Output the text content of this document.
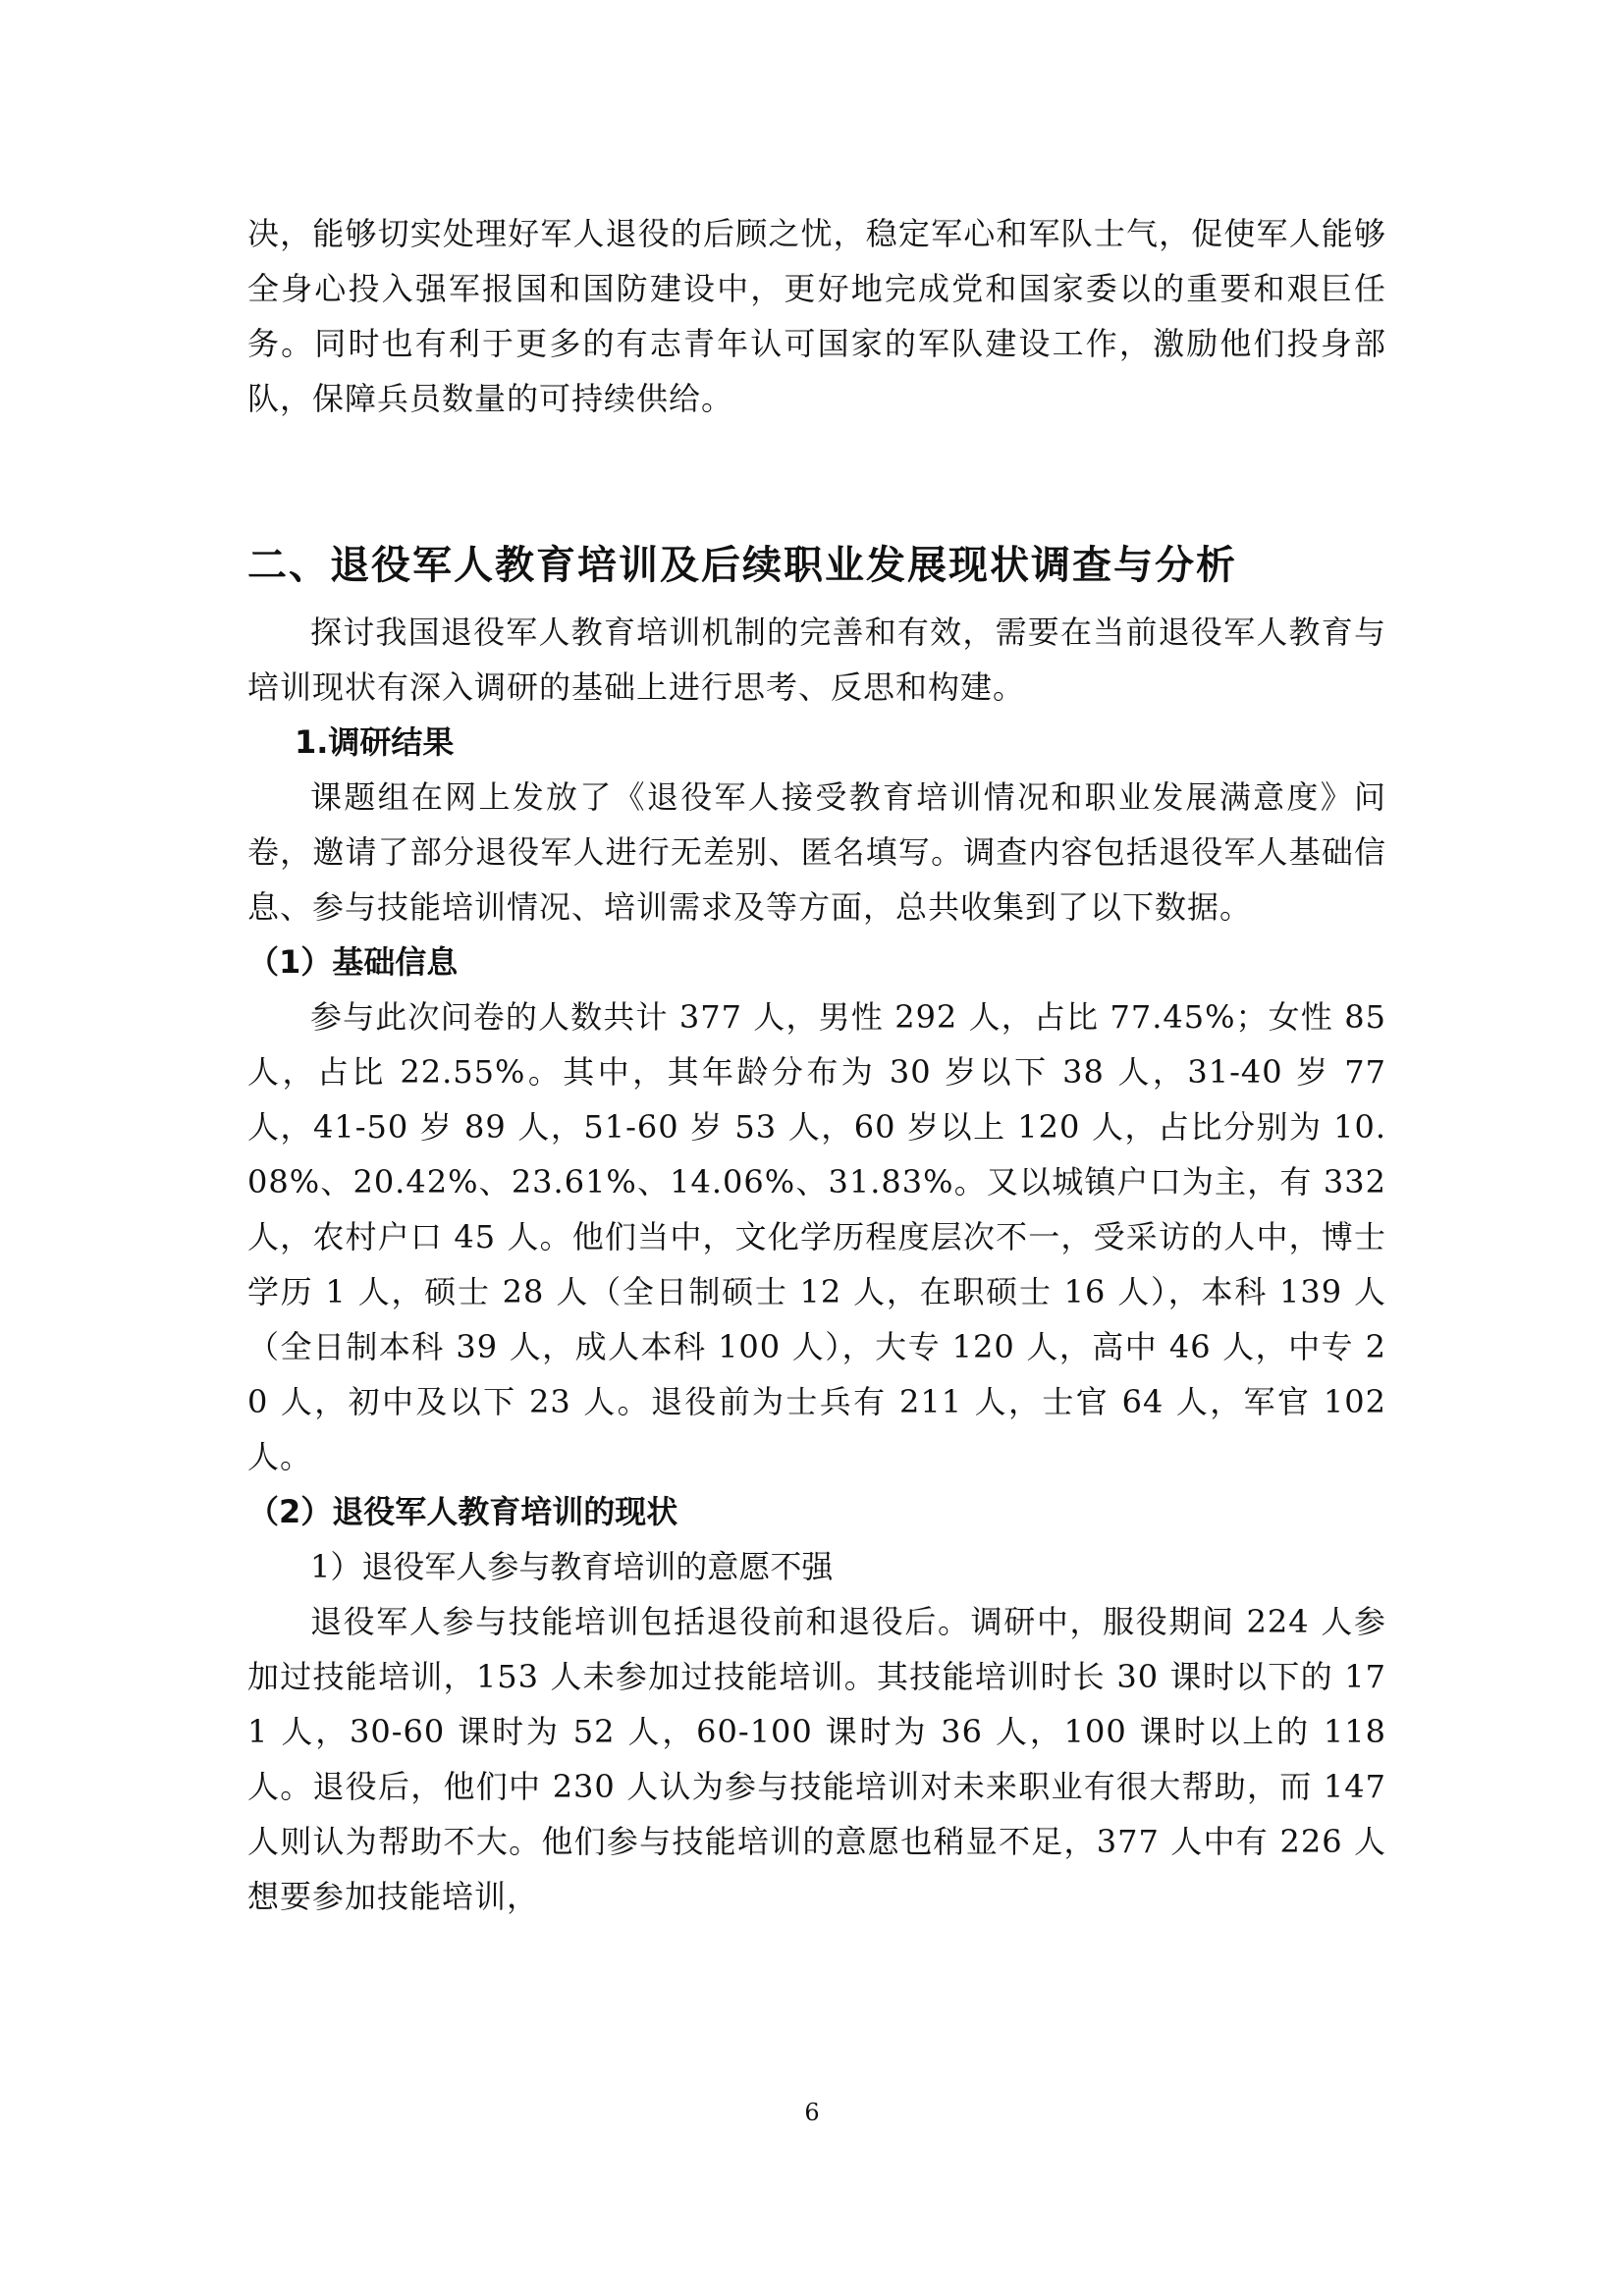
决，能够切实处理好军人退役的后顾之忧，稳定军心和军队士气，促使军人能够全身心投入强军报国和国防建设中，更好地完成党和国家委以的重要和艰巨任务。同时也有利于更多的有志青年认可国家的军队建设工作，激励他们投身部队，保障兵员数量的可持续供给。

二、退役军人教育培训及后续职业发展现状调查与分析

探讨我国退役军人教育培训机制的完善和有效，需要在当前退役军人教育与培训现状有深入调研的基础上进行思考、反思和构建。

1.调研结果

课题组在网上发放了《退役军人接受教育培训情况和职业发展满意度》问卷，邀请了部分退役军人进行无差别、匿名填写。调查内容包括退役军人基础信息、参与技能培训情况、培训需求及等方面，总共收集到了以下数据。

（1）基础信息

参与此次问卷的人数共计 377 人，男性 292 人，占比 77.45%；女性 85 人，占比 22.55%。其中，其年龄分布为 30 岁以下 38 人，31-40 岁 77 人，41-50 岁 89 人，51-60 岁 53 人，60 岁以上 120 人，占比分别为 10.08%、20.42%、23.61%、14.06%、31.83%。又以城镇户口为主，有 332 人，农村户口 45 人。他们当中，文化学历程度层次不一，受采访的人中，博士学历 1 人，硕士 28 人（全日制硕士 12 人，在职硕士 16 人），本科 139 人（全日制本科 39 人，成人本科 100 人），大专 120 人，高中 46 人，中专 20 人，初中及以下 23 人。退役前为士兵有 211 人，士官 64 人，军官 102 人。

（2）退役军人教育培训的现状

1）退役军人参与教育培训的意愿不强

退役军人参与技能培训包括退役前和退役后。调研中，服役期间 224 人参加过技能培训，153 人未参加过技能培训。其技能培训时长 30 课时以下的 171 人，30-60 课时为 52 人，60-100 课时为 36 人，100 课时以上的 118 人。退役后，他们中 230 人认为参与技能培训对未来职业有很大帮助，而 147 人则认为帮助不大。他们参与技能培训的意愿也稍显不足，377 人中有 226 人想要参加技能培训，

6
